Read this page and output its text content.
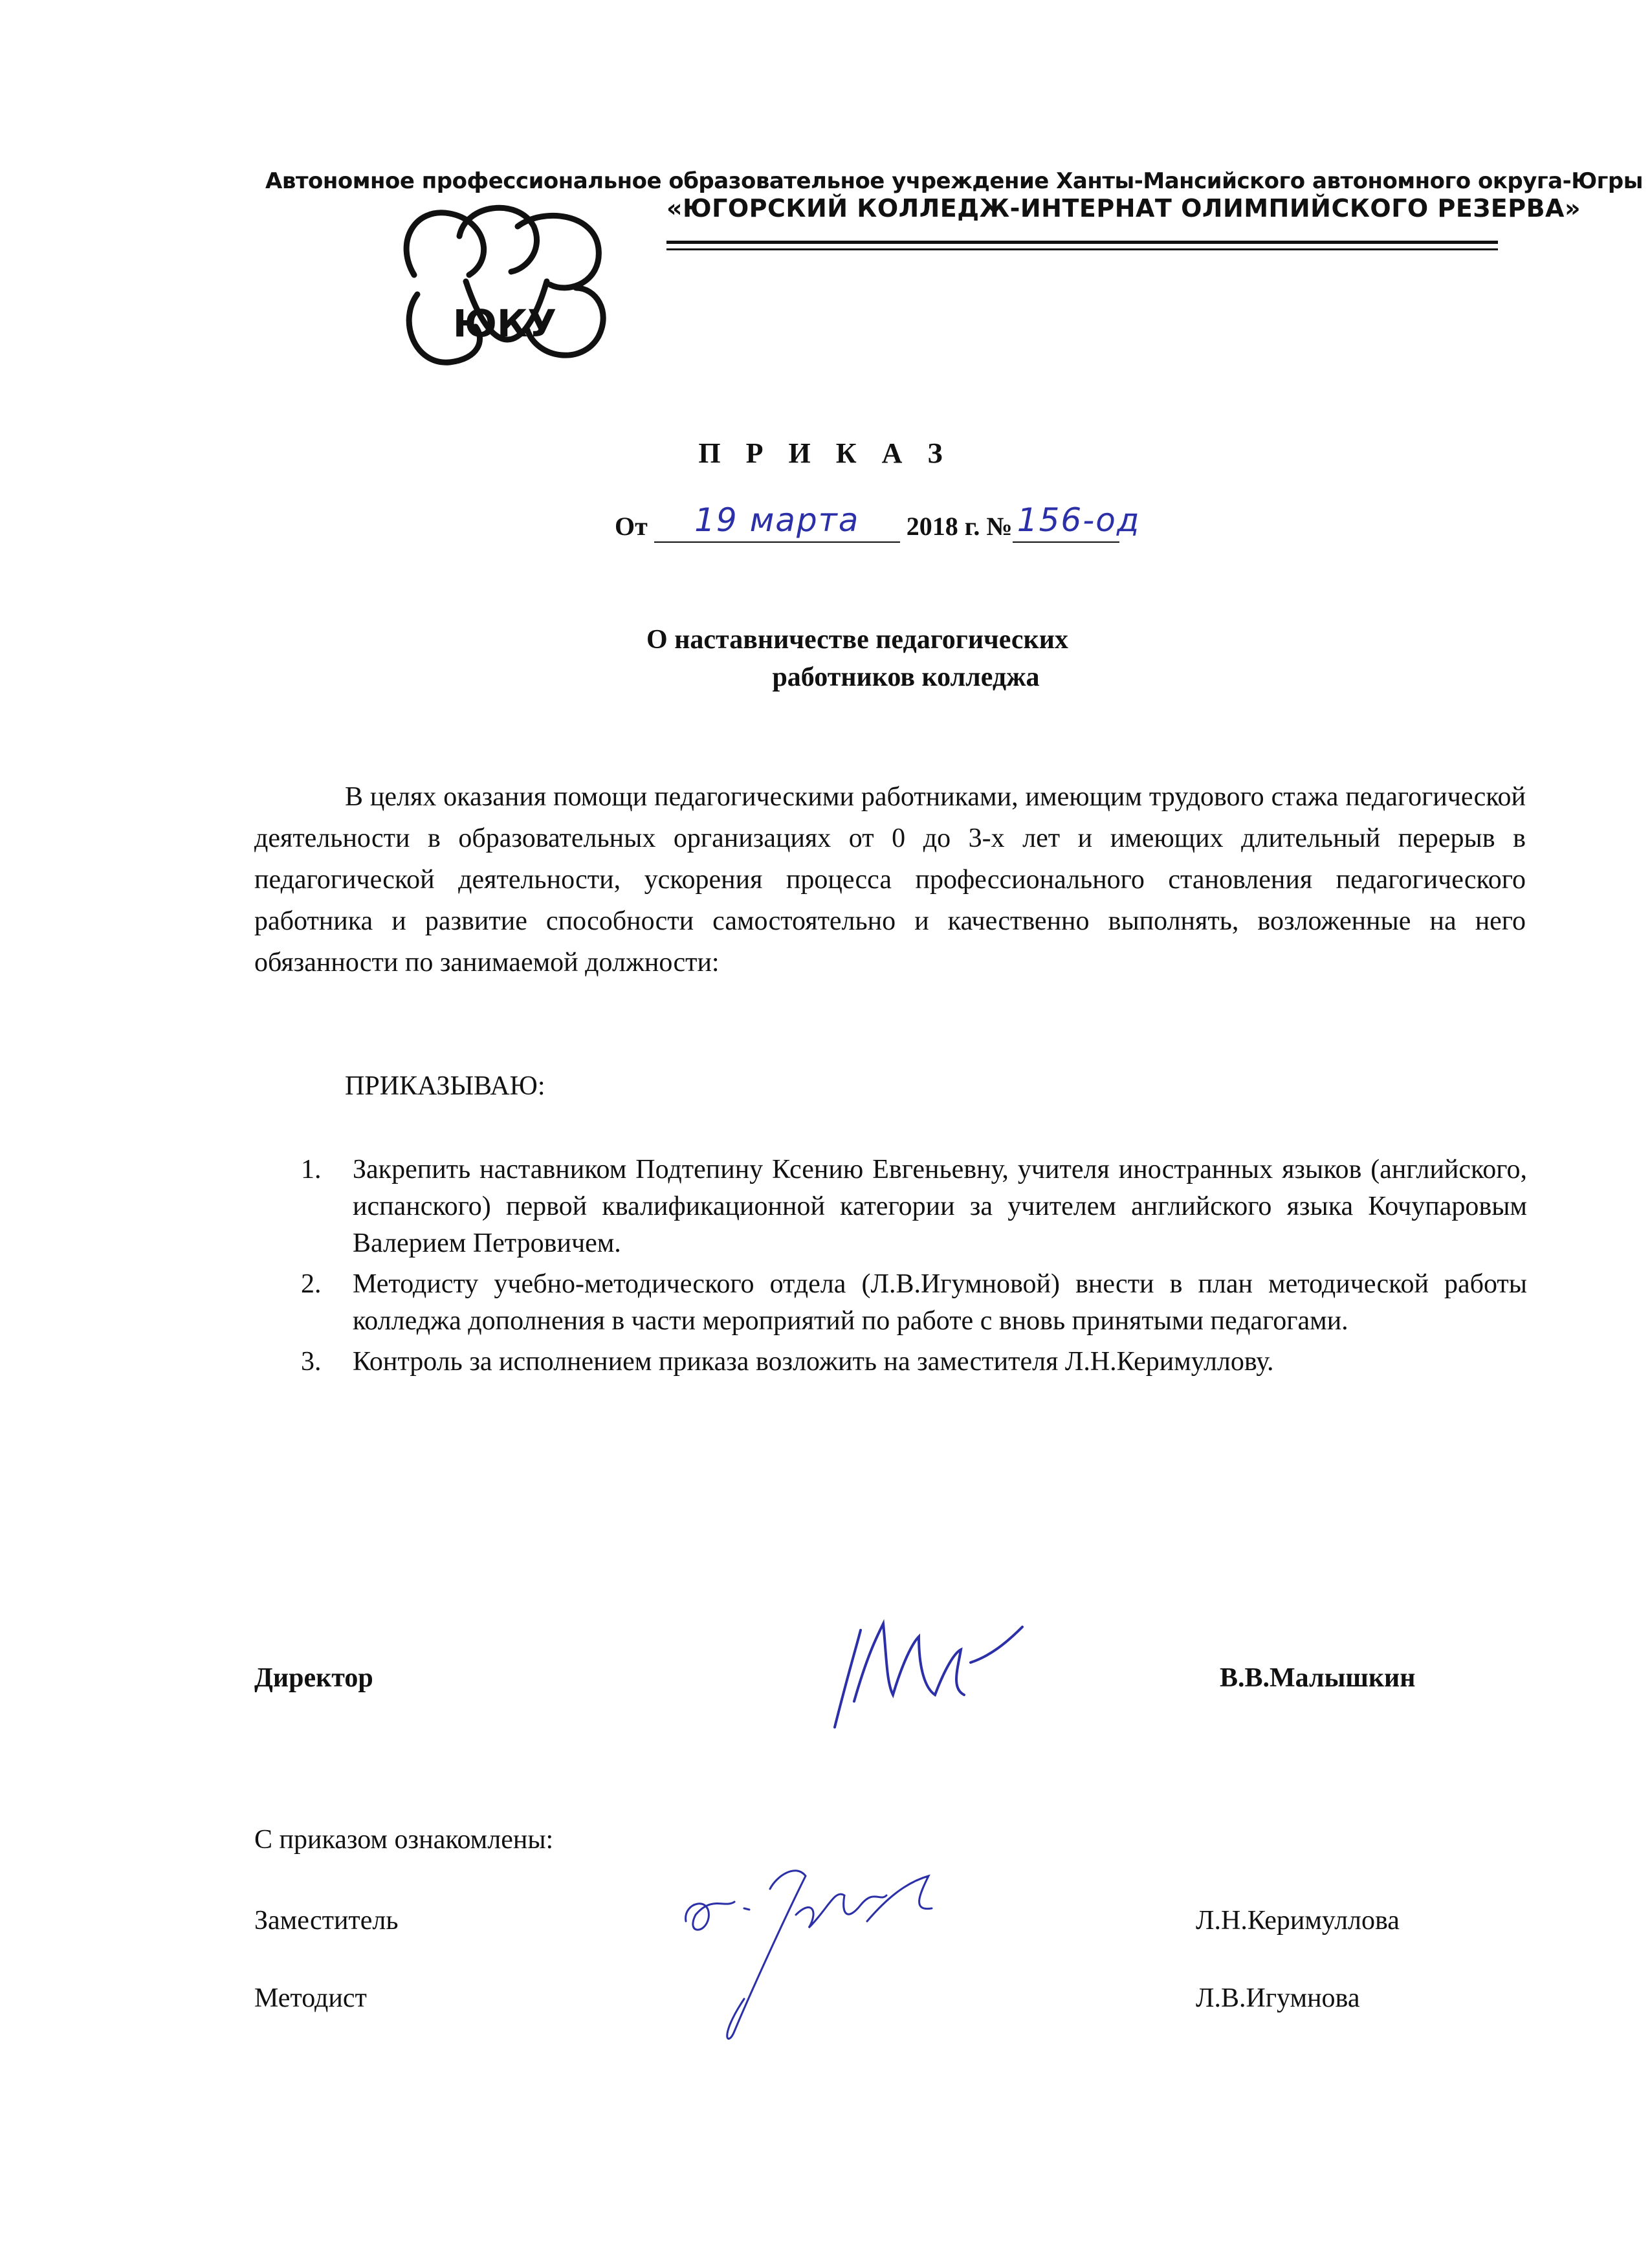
Автономное профессиональное образовательное учреждение Ханты-Мансийского автономного округа-Югры
«ЮГОРСКИЙ КОЛЛЕДЖ-ИНТЕРНАТ ОЛИМПИЙСКОГО РЕЗЕРВА»
ЮКУ
П Р И К А З
От	19 марта	2018 г. № 156-од

О наставничестве педагогических
работников колледжа
В целях оказания помощи педагогическими работниками, имеющим трудового стажа педагогической деятельности в образовательных организациях от 0 до 3-х лет и имеющих длительный перерыв в педагогической деятельности, ускорения процесса профессионального становления педагогического работника и развитие способности самостоятельно и качественно выполнять, возложенные на него обязанности по занимаемой должности:
ПРИКАЗЫВАЮ:
1. Закрепить наставником Подтепину Ксению Евгеньевну, учителя иностранных языков (английского, испанского) первой квалификационной категории за учителем английского языка Кочупаровым Валерием Петровичем.
2. Методисту учебно-методического отдела (Л.В.Игумновой) внести в план методической работы колледжа дополнения в части мероприятий по работе с вновь принятыми педагогами.
3. Контроль за исполнением приказа возложить на заместителя Л.Н.Керимуллову.
Директор	В.В.Малышкин
С приказом ознакомлены:
Заместитель	Л.Н.Керимуллова
Методист	Л.В.Игумнова
